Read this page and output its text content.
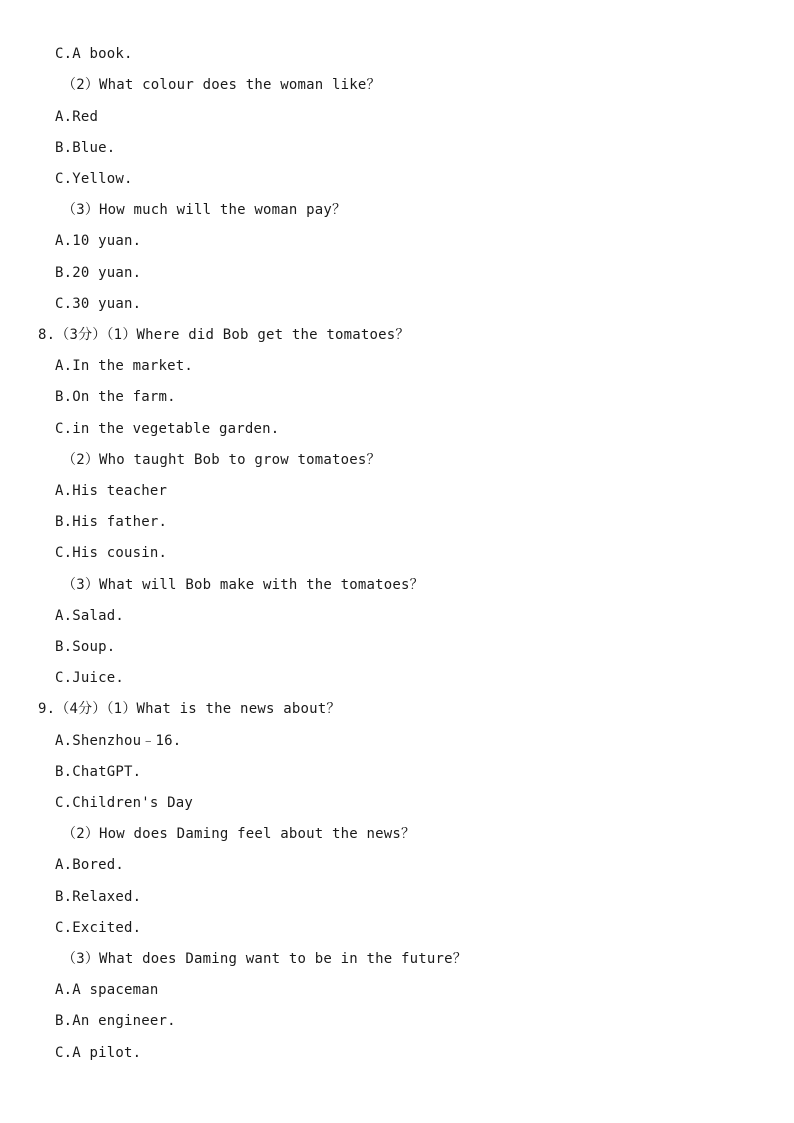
C.A book.
（2）What colour does the woman like？
A.Red
B.Blue.
C.Yellow.
（3）How much will the woman pay？
A.10 yuan.
B.20 yuan.
C.30 yuan.
8.（3分）（1）Where did Bob get the tomatoes？
A.In the market.
B.On the farm.
C.in the vegetable garden.
（2）Who taught Bob to grow tomatoes？
A.His teacher
B.His father.
C.His cousin.
（3）What will Bob make with the tomatoes？
A.Salad.
B.Soup.
C.Juice.
9.（4分）（1）What is the news about？
A.Shenzhou﹣16.
B.ChatGPT.
C.Children's Day
（2）How does Daming feel about the news？
A.Bored.
B.Relaxed.
C.Excited.
（3）What does Daming want to be in the future？
A.A spaceman
B.An engineer.
C.A pilot.
